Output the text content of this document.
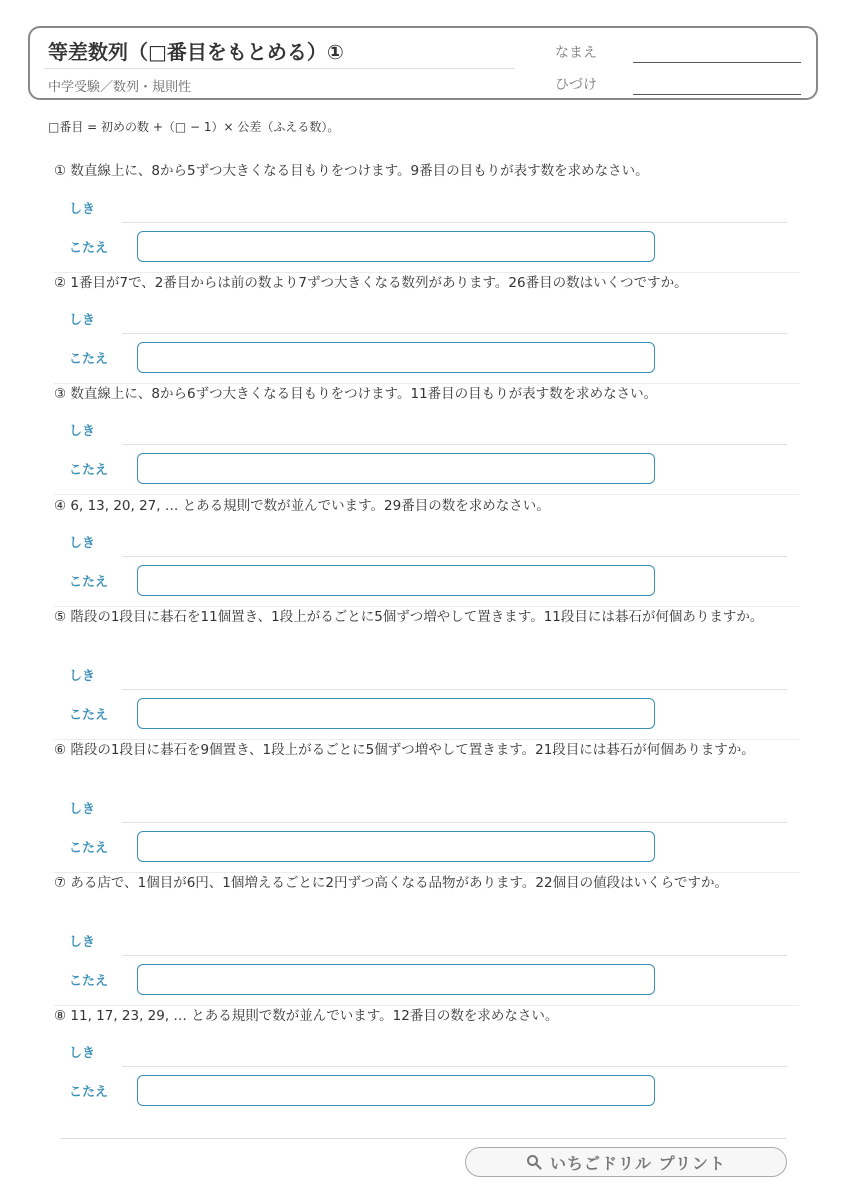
等差数列（□番目をもとめる）①
中学受験／数列・規則性
なまえ
ひづけ
□番目 = 初めの数 +（□ − 1）× 公差（ふえる数）。
① 数直線上に、8から5ずつ大きくなる目もりをつけます。9番目の目もりが表す数を求めなさい。
しき
こたえ
② 1番目が7で、2番目からは前の数より7ずつ大きくなる数列があります。26番目の数はいくつですか。
しき
こたえ
③ 数直線上に、8から6ずつ大きくなる目もりをつけます。11番目の目もりが表す数を求めなさい。
しき
こたえ
④ 6, 13, 20, 27, … とある規則で数が並んでいます。29番目の数を求めなさい。
しき
こたえ
⑤ 階段の1段目に碁石を11個置き、1段上がるごとに5個ずつ増やして置きます。11段目には碁石が何個ありますか。
しき
こたえ
⑥ 階段の1段目に碁石を9個置き、1段上がるごとに5個ずつ増やして置きます。21段目には碁石が何個ありますか。
しき
こたえ
⑦ ある店で、1個目が6円、1個増えるごとに2円ずつ高くなる品物があります。22個目の値段はいくらですか。
しき
こたえ
⑧ 11, 17, 23, 29, … とある規則で数が並んでいます。12番目の数を求めなさい。
しき
こたえ
いちごドリル プリント
